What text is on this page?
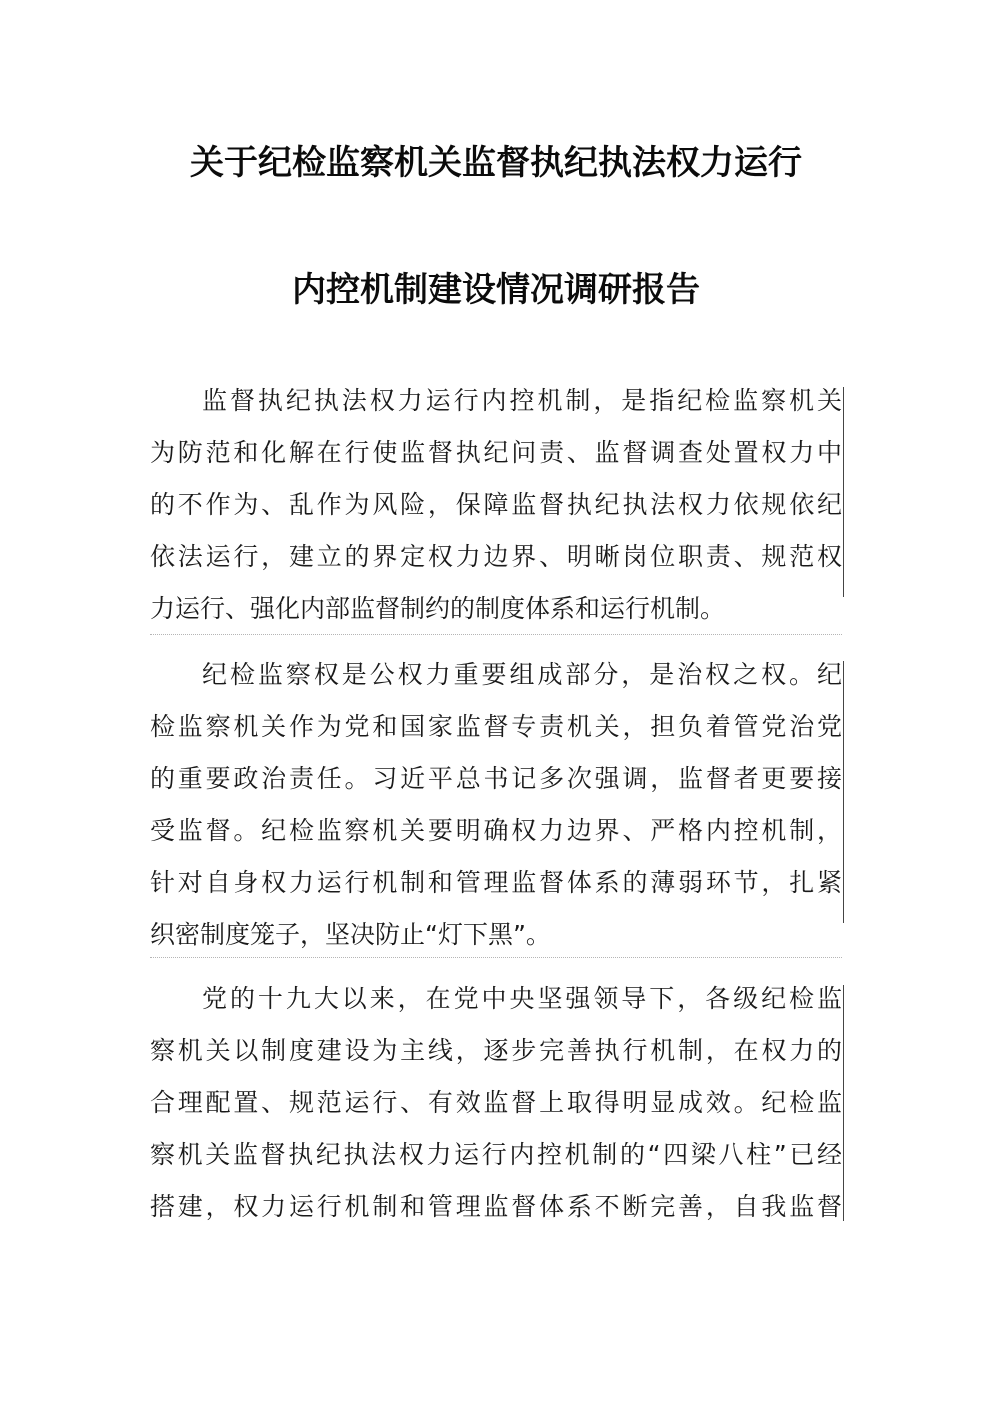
关于纪检监察机关监督执纪执法权力运行
内控机制建设情况调研报告
监督执纪执法权力运行内控机制，是指纪检监察机关
为防范和化解在行使监督执纪问责、监督调查处置权力中
的不作为、乱作为风险，保障监督执纪执法权力依规依纪
依法运行，建立的界定权力边界、明晰岗位职责、规范权
力运行、强化内部监督制约的制度体系和运行机制。
纪检监察权是公权力重要组成部分，是治权之权。纪
检监察机关作为党和国家监督专责机关，担负着管党治党
的重要政治责任。习近平总书记多次强调，监督者更要接
受监督。纪检监察机关要明确权力边界、严格内控机制，
针对自身权力运行机制和管理监督体系的薄弱环节，扎紧
织密制度笼子，坚决防止“灯下黑”。
党的十九大以来，在党中央坚强领导下，各级纪检监
察机关以制度建设为主线，逐步完善执行机制，在权力的
合理配置、规范运行、有效监督上取得明显成效。纪检监
察机关监督执纪执法权力运行内控机制的“四梁八柱”已经
搭建，权力运行机制和管理监督体系不断完善，自我监督
